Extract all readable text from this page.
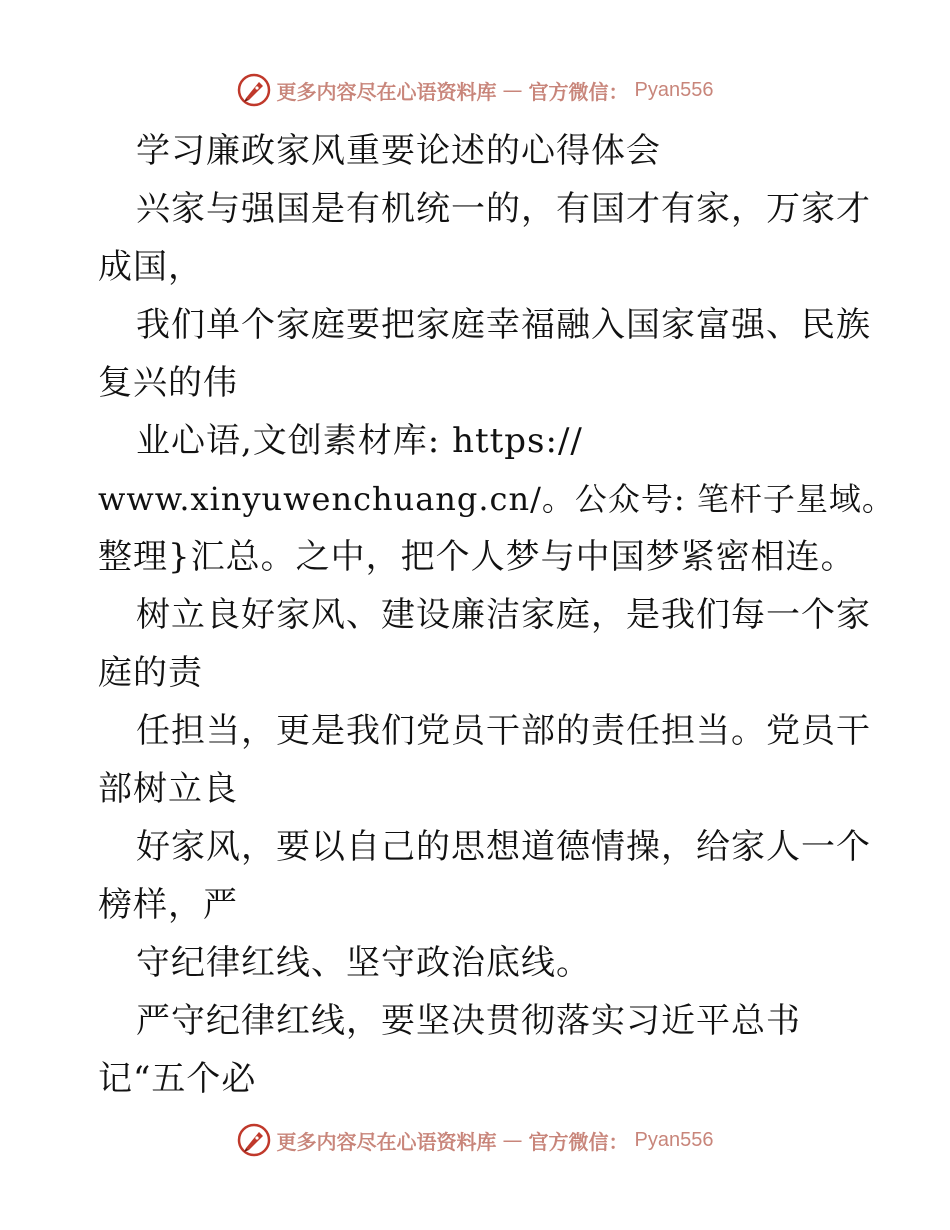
更多内容尽在心语资料库 — 官方微信： Pyan556
学习廉政家风重要论述的心得体会
兴家与强国是有机统一的，有国才有家，万家才
成国，
我们单个家庭要把家庭幸福融入国家富强、民族
复兴的伟
业心语,文创素材库: https://
www.xinyuwenchuang.cn/。公众号: 笔杆子星域。
整理}汇总。之中，把个人梦与中国梦紧密相连。
树立良好家风、建设廉洁家庭，是我们每一个家
庭的责
任担当，更是我们党员干部的责任担当。党员干
部树立良
好家风，要以自己的思想道德情操，给家人一个
榜样，严
守纪律红线、坚守政治底线。
严守纪律红线，要坚决贯彻落实习近平总书
记“五个必
更多内容尽在心语资料库 — 官方微信： Pyan556
